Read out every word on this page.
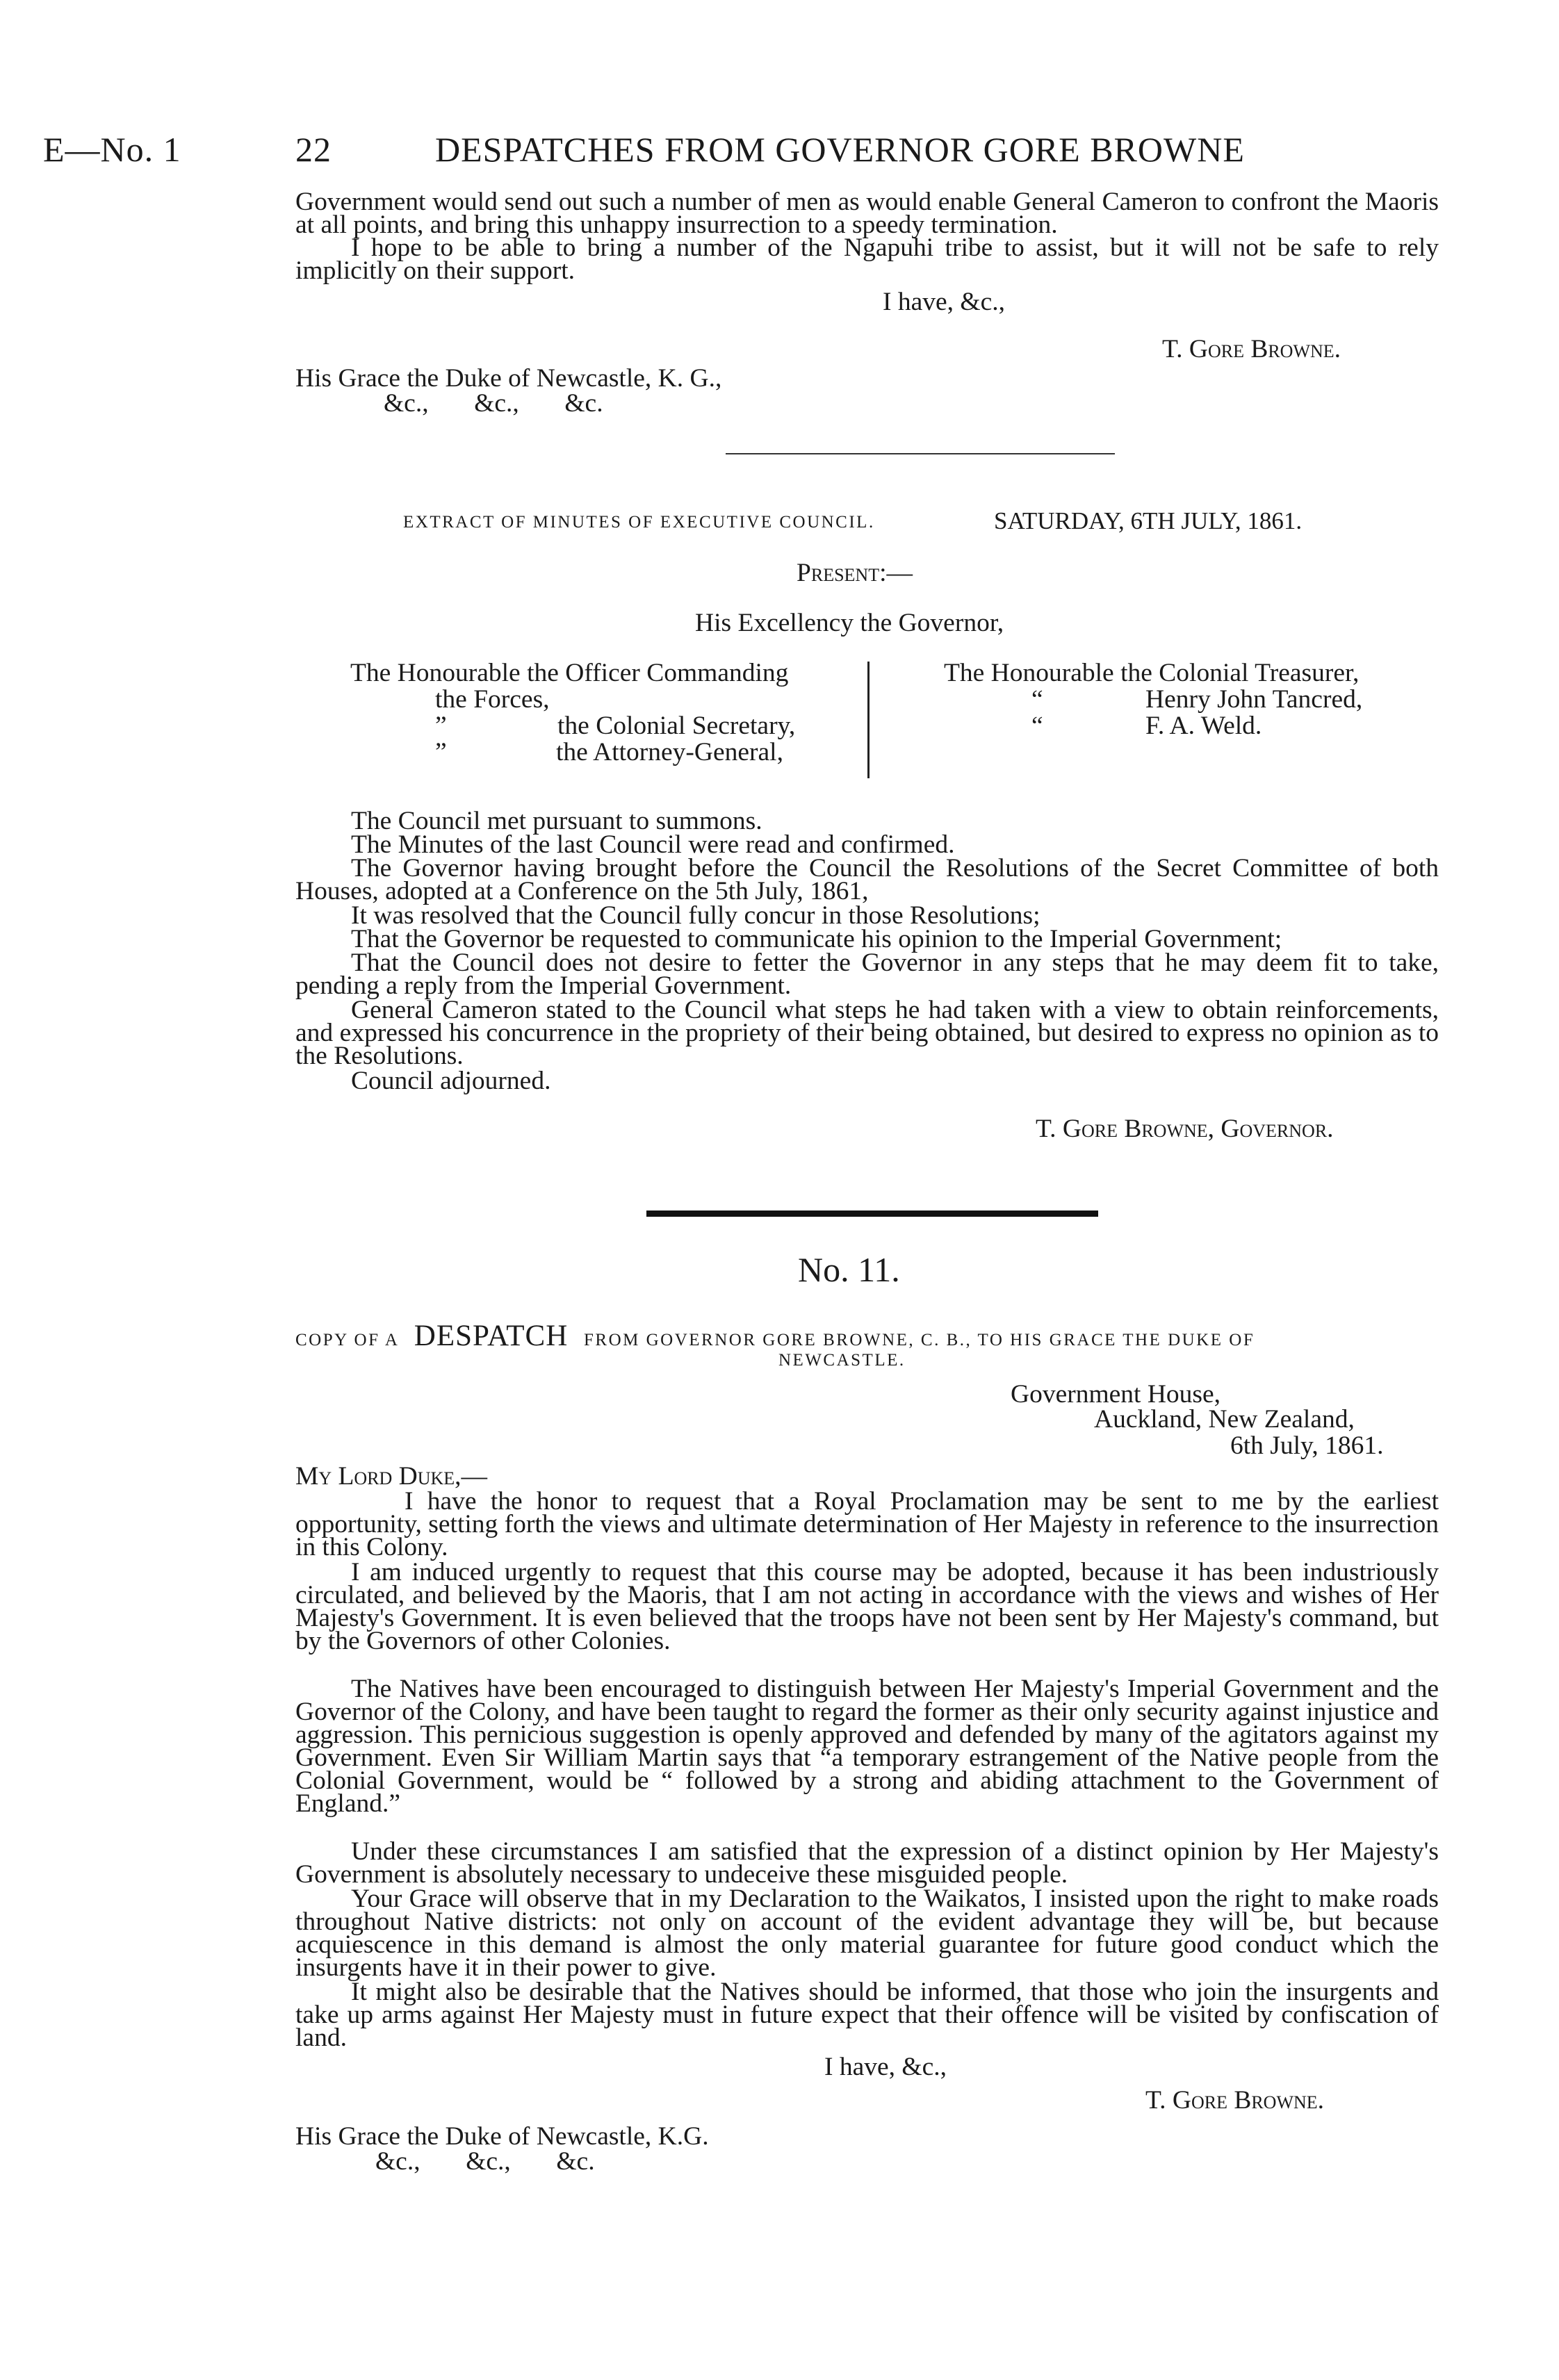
E—No. 1	22	DESPATCHES FROM GOVERNOR GORE BROWNE

Government would send out such a number of men as would enable General Cameron to confront the Maoris at all points, and bring this unhappy insurrection to a speedy termination.

I hope to be able to bring a number of the Ngapuhi tribe to assist, but it will not be safe to rely implicitly on their support.

I have, &c.,
T. Gore Browne.
His Grace the Duke of Newcastle, K. G.,
&c.,       &c.,       &c.
EXTRACT OF MINUTES OF EXECUTIVE COUNCIL.	SATURDAY, 6TH JULY, 1861.
Present:—
His Excellency the Governor,
The Honourable the Officer Commanding
the Forces,
”	the Colonial Secretary,
”	the Attorney-General,
The Honourable the Colonial Treasurer,
“	Henry John Tancred,
“	F. A. Weld.

The Council met pursuant to summons.

The Minutes of the last Council were read and confirmed.

The Governor having brought before the Council the Resolutions of the Secret Committee of both Houses, adopted at a Conference on the 5th July, 1861,

It was resolved that the Council fully concur in those Resolutions;

That the Governor be requested to communicate his opinion to the Imperial Government;

That the Council does not desire to fetter the Governor in any steps that he may deem fit to take, pending a reply from the Imperial Government.

General Cameron stated to the Council what steps he had taken with a view to obtain reinforcements, and expressed his concurrence in the propriety of their being obtained, but desired to express no opinion as to the Resolutions.

Council adjourned.

T. Gore Browne, Governor.
No. 11.
COPY OF A DESPATCH FROM GOVERNOR GORE BROWNE, C. B., TO HIS GRACE THE DUKE OF
NEWCASTLE.
Government House,
Auckland, New Zealand,
6th July, 1861.
My Lord Duke,—

I have the honor to request that a Royal Proclamation may be sent to me by the earliest opportunity, setting forth the views and ultimate determination of Her Majesty in reference to the insurrection in this Colony.

I am induced urgently to request that this course may be adopted, because it has been industriously circulated, and believed by the Maoris, that I am not acting in accordance with the views and wishes of Her Majesty's Government. It is even believed that the troops have not been sent by Her Majesty's command, but by the Governors of other Colonies.

The Natives have been encouraged to distinguish between Her Majesty's Imperial Government and the Governor of the Colony, and have been taught to regard the former as their only security against injustice and aggression. This pernicious suggestion is openly approved and defended by many of the agitators against my Government. Even Sir William Martin says that “a temporary estrangement of the Native people from the Colonial Government, would be “ followed by a strong and abiding attachment to the Government of England.”

Under these circumstances I am satisfied that the expression of a distinct opinion by Her Majesty's Government is absolutely necessary to undeceive these misguided people.

Your Grace will observe that in my Declaration to the Waikatos, I insisted upon the right to make roads throughout Native districts: not only on account of the evident advantage they will be, but because acquiescence in this demand is almost the only material guarantee for future good conduct which the insurgents have it in their power to give.

It might also be desirable that the Natives should be informed, that those who join the insurgents and take up arms against Her Majesty must in future expect that their offence will be visited by confiscation of land.

I have, &c.,
T. Gore Browne.
His Grace the Duke of Newcastle, K.G.
&c.,       &c.,       &c.
